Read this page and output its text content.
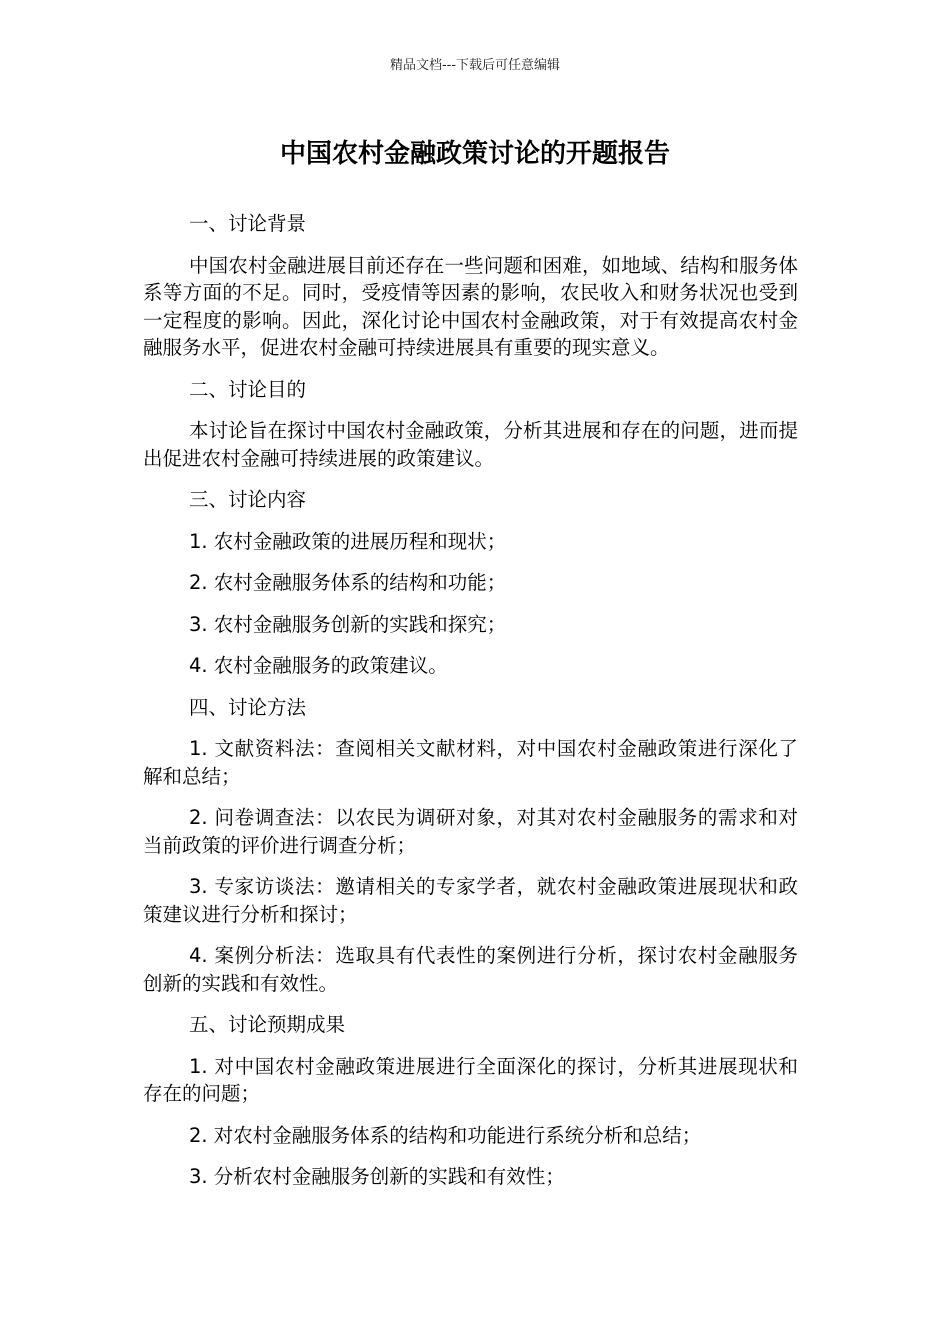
精品文档---下载后可任意编辑
中国农村金融政策讨论的开题报告

一、讨论背景

中国农村金融进展目前还存在一些问题和困难，如地域、结构和服务体系等方面的不足。同时，受疫情等因素的影响，农民收入和财务状况也受到一定程度的影响。因此，深化讨论中国农村金融政策，对于有效提高农村金融服务水平，促进农村金融可持续进展具有重要的现实意义。

二、讨论目的

本讨论旨在探讨中国农村金融政策，分析其进展和存在的问题，进而提出促进农村金融可持续进展的政策建议。

三、讨论内容

1. 农村金融政策的进展历程和现状；

2. 农村金融服务体系的结构和功能；

3. 农村金融服务创新的实践和探究；

4. 农村金融服务的政策建议。

四、讨论方法

1. 文献资料法：查阅相关文献材料，对中国农村金融政策进行深化了解和总结；

2. 问卷调查法：以农民为调研对象，对其对农村金融服务的需求和对当前政策的评价进行调查分析；

3. 专家访谈法：邀请相关的专家学者，就农村金融政策进展现状和政策建议进行分析和探讨；

4. 案例分析法：选取具有代表性的案例进行分析，探讨农村金融服务创新的实践和有效性。

五、讨论预期成果

1. 对中国农村金融政策进展进行全面深化的探讨，分析其进展现状和存在的问题；

2. 对农村金融服务体系的结构和功能进行系统分析和总结；

3. 分析农村金融服务创新的实践和有效性；
